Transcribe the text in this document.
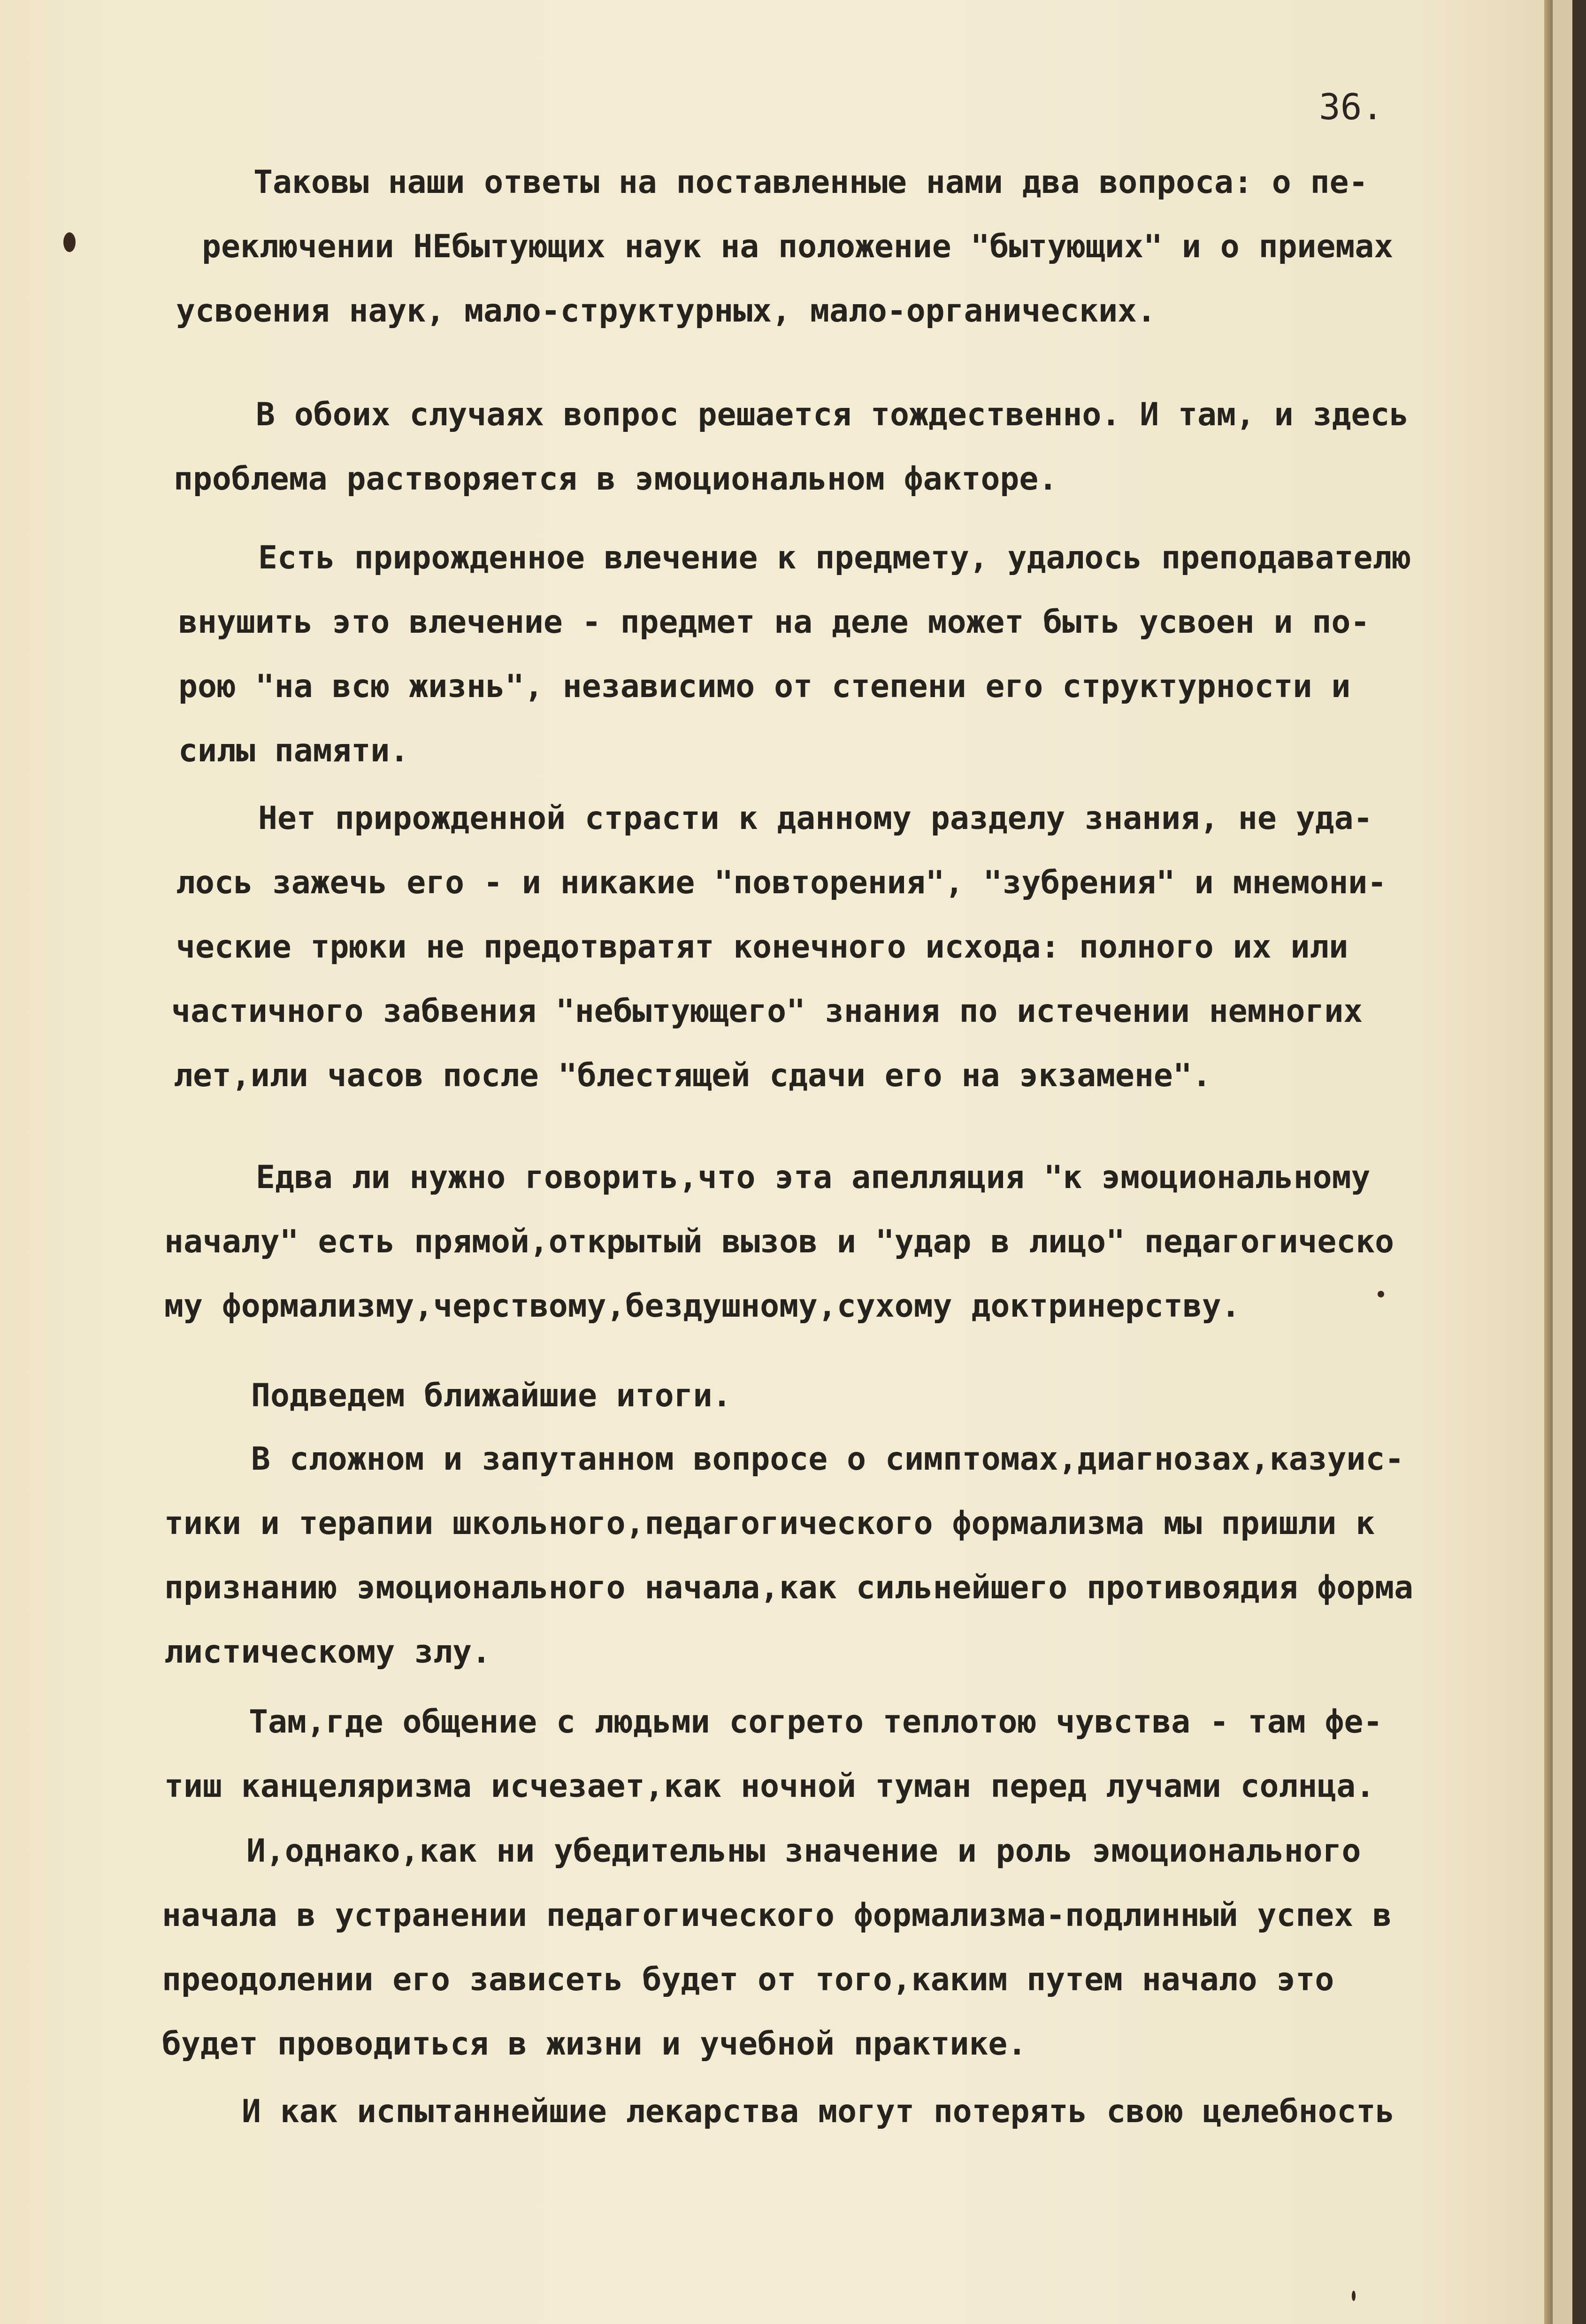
36.

Таковы наши ответы на поставленные нами два вопроса: о пе-
реключении НЕбытующих наук на положение "бытующих" и о приемах
усвоения наук, мало-структурных, мало-органических.
В обоих случаях вопрос решается тождественно. И там, и здесь
проблема растворяется в эмоциональном факторе.
Есть прирожденное влечение к предмету, удалось преподавателю
внушить это влечение - предмет на деле может быть усвоен и по-
рою "на всю жизнь", независимо от степени его структурности и
силы памяти.
Нет прирожденной страсти к данному разделу знания, не уда-
лось зажечь его - и никакие "повторения", "зубрения" и мнемони-
ческие трюки не предотвратят конечного исхода: полного их или
частичного забвения "небытующего" знания по истечении немногих
лет,или часов после "блестящей сдачи его на экзамене".
Едва ли нужно говорить,что эта апелляция "к эмоциональному
началу" есть прямой,открытый вызов и "удар в лицо" педагогическо
му формализму,черствому,бездушному,сухому доктринерству.
Подведем ближайшие итоги.
В сложном и запутанном вопросе о симптомах,диагнозах,казуис-
тики и терапии школьного,педагогического формализма мы пришли к
признанию эмоционального начала,как сильнейшего противоядия форма
листическому злу.
Там,где общение с людьми согрето теплотою чувства - там фе-
тиш канцеляризма исчезает,как ночной туман перед лучами солнца.
И,однако,как ни убедительны значение и роль эмоционального
начала в устранении педагогического формализма-подлинный успех в
преодолении его зависеть будет от того,каким путем начало это
будет проводиться в жизни и учебной практике.
И как испытаннейшие лекарства могут потерять свою целебность
